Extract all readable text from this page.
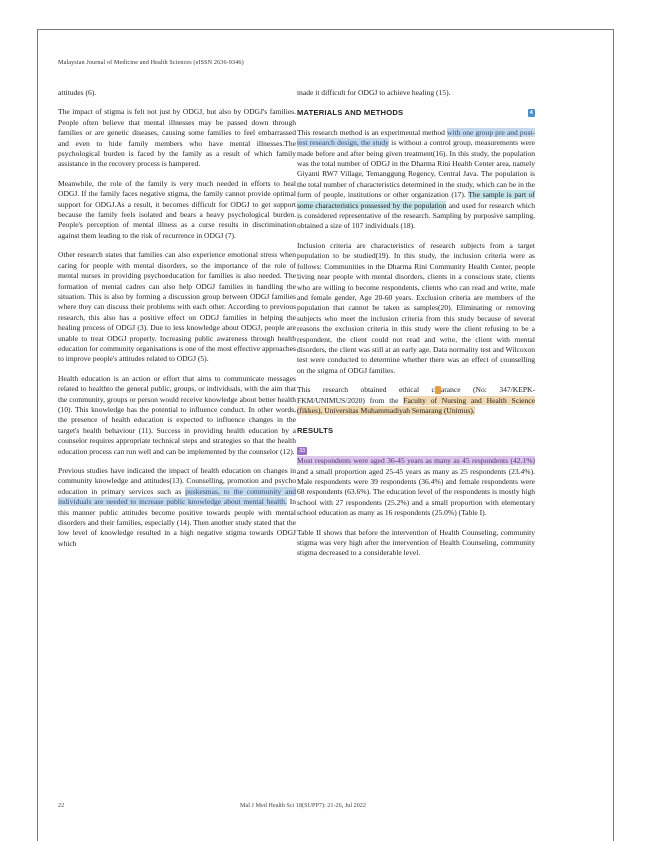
Malaysian Journal of Medicine and Health Sciences (eISSN 2636-9346)

attitudes (6).

The impact of stigma is felt not just by ODGJ, but also by ODGJ's families. People often believe that mental illnesses may be passed down through families or are genetic diseases, causing some families to feel embarrassed and even to hide family members who have mental illnesses.The psychological burden is faced by the family as a result of which family assistance in the recovery process is hampered.

Meanwhile, the role of the family is very much needed in efforts to heal ODGJ. If the family faces negative stigma, the family cannot provide optimal support for ODGJ.As a result, it becomes difficult for ODGJ to get support because the family feels isolated and bears a heavy psychological burden. People's perception of mental illness as a curse results in discrimination against them leading to the risk of recurrence in ODGJ (7).

Other research states that families can also experience emotional stress when caring for people with mental disorders, so the importance of the role of mental nurses in providing psychoeducation for families is also needed. The formation of mental cadres can also help ODGJ families in handling the situation. This is also by forming a discussion group between ODGJ families where they can discuss their problems with each other. According to previous research, this also has a positive effect on ODGJ families in helping the healing process of ODGJ (3). Due to less knowledge about ODGJ, people are unable to treat ODGJ properly. Increasing public awareness through health education for community organisations is one of the most effective approaches to improve people's attitudes related to ODGJ (5).

Health education is an action or effort that aims to communicate messages related to healthto the general public, groups, or individuals, with the aim that the community, groups or person would receive knowledge about better health (10). This knowledge has the potential to influence conduct. In other words, the presence of health education is expected to influence changes in the target's health behaviour (11). Success in providing health education by a counselor requires appropriate technical steps and strategies so that the health education process can run well and can be implemented by the counselor (12).

Previous studies have indicated the impact of health education on changes in community knowledge and attitudes(13). Counselling, promotion and psycho education in primary services such as puskesmas, to the community and individuals are needed to increase public knowledge about mental health. In this manner public attitudes become positive towards people with mental disorders and their families, especially (14). Then another study stated that the low level of knowledge resulted in a high negative stigma towards ODGJ which

made it difficult for ODGJ to achieve healing (15).

MATERIALS AND METHODS	4

This research method is an experimental method with one group pre and post-test research design, the study is without a control group, measurements were made before and after being given treatment(16). In this study, the population was the total number of ODGJ in the Dharma Rini Health Center area, namely Giyanti RW7 Village, Temanggung Regency, Central Java. The population is the total number of characteristics determined in the study, which can be in the form of people, institutions or other organization (17). The sample is part of some characteristics possessed by the population and used for research which is considered representative of the research. Sampling by purposive sampling, obtained a size of 107 individuals (18).

Inclusion criteria are characteristics of research subjects from a target population to be studied(19). In this study, the inclusion criteria were as follows: Communities in the Dharma Rini Community Health Center, people living near people with mental disorders, clients in a conscious state, clients who are willing to become respondents, clients who can read and write, male and female gender, Age 20-60 years. Exclusion criteria are members of the population that cannot be taken as samples(20). Eliminating or removing subjects who meet the inclusion criteria from this study because of several reasons the exclusion criteria in this study were the client refusing to be a respondent, the client could not read and write, the client with mental disorders, the client was still at an early age. Data normality test and Wilcoxon test were conducted to determine whether there was an effect of counselling on the stigma of ODGJ families.

This research obtained ethical c arance (No: 347/KEPK-FKM/UNIMUS/2020) from the Faculty of Nursing and Health Science (fikkes), Universitas Muhammadiyah Semarang (Unimus).

RESULTS

33
Most respondents were aged 36-45 years as many as 45 respondents (42.1%) and a small proportion aged 25-45 years as many as 25 respondents (23.4%). Male respondents were 39 respondents (36.4%) and female respondents were 68 respondents (63.6%). The education level of the respondents is mostly high school with 27 respondents (25.2%) and a small proportion with elementary school education as many as 16 respondents (25.0%) (Table I).

Table II shows that before the intervention of Health Counseling, community stigma was very high after the intervention of Health Counseling, community stigma decreased to a considerable level.

22	Mal J Med Health Sci 18(SUPP7): 21-26, Jul 2022
